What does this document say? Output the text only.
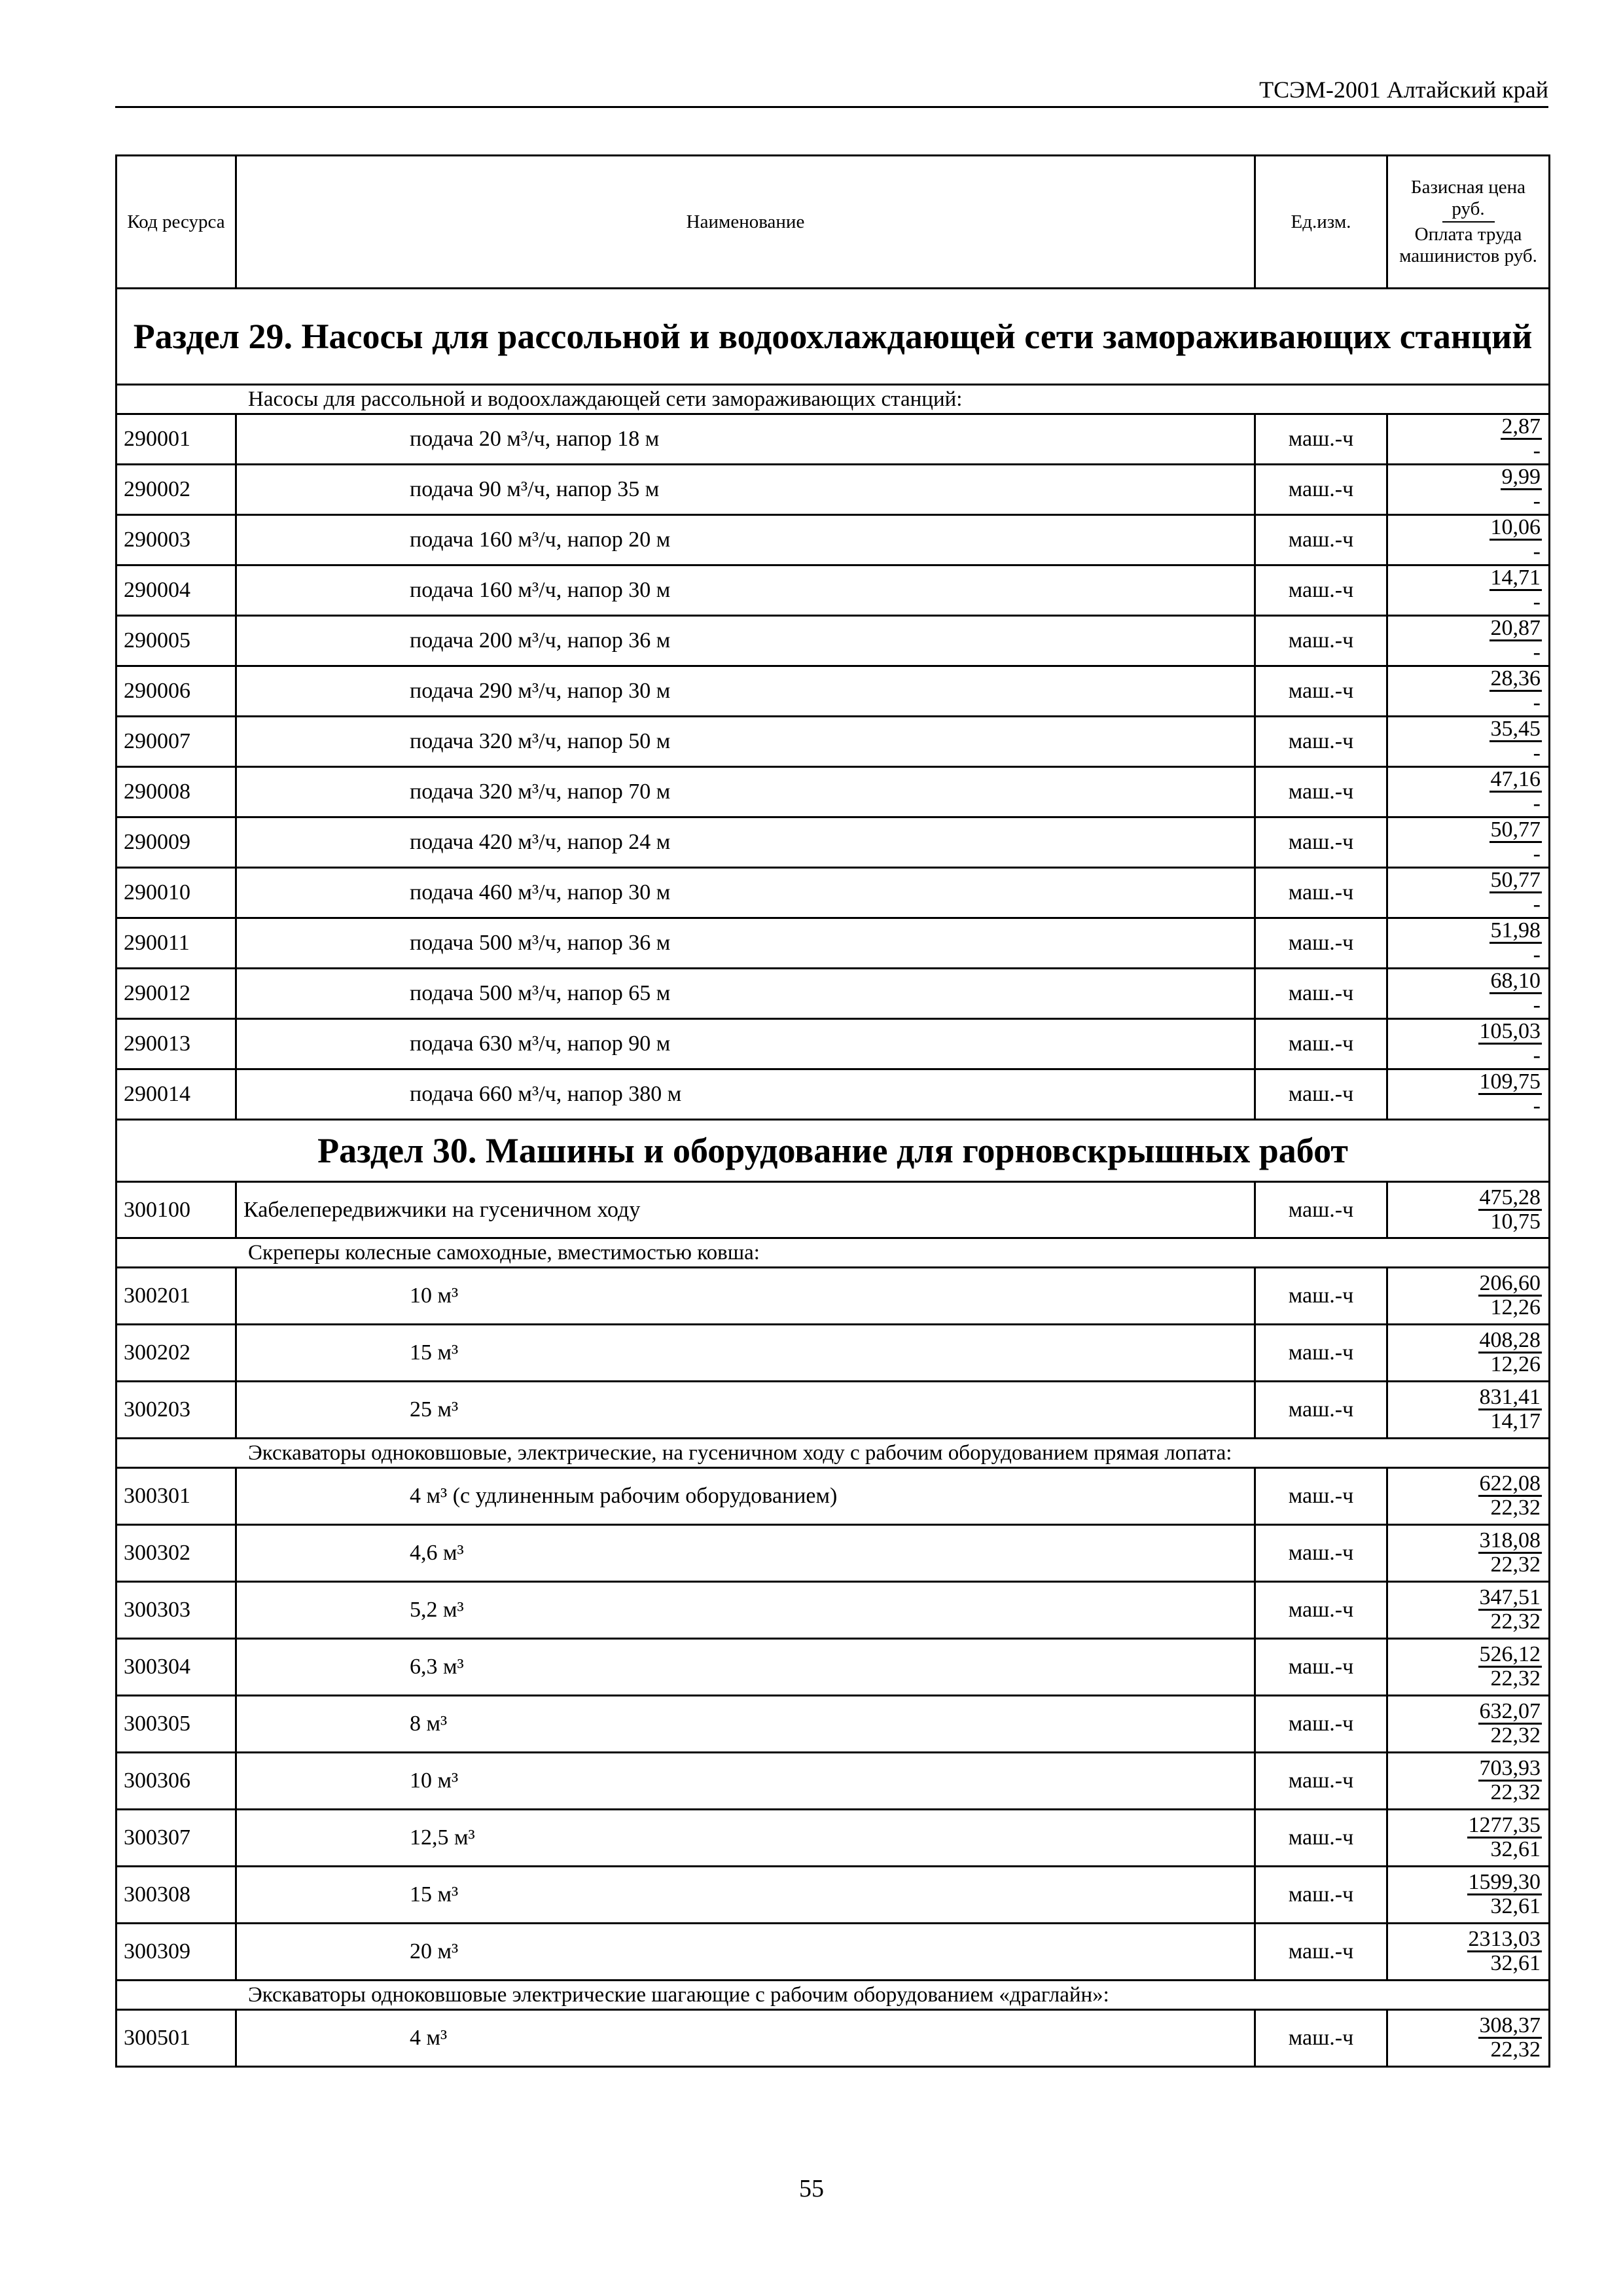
ТСЭМ-2001 Алтайский край
Код ресурса	Наименование	Ед.изм.	Базисная цена руб.
Оплата труда машинистов руб.
Раздел 29. Насосы для рассольной и водоохлаждающей сети замораживающих станций			
Насосы для рассольной и водоохлаждающей сети замораживающих станций:			
290001	подача 20 м³/ч, напор 18 м	маш.-ч	2,87
-

290002	подача 90 м³/ч, напор 35 м	маш.-ч	9,99
-

290003	подача 160 м³/ч, напор 20 м	маш.-ч	10,06
-

290004	подача 160 м³/ч, напор 30 м	маш.-ч	14,71
-

290005	подача 200 м³/ч, напор 36 м	маш.-ч	20,87
-

290006	подача 290 м³/ч, напор 30 м	маш.-ч	28,36
-

290007	подача 320 м³/ч, напор 50 м	маш.-ч	35,45
-

290008	подача 320 м³/ч, напор 70 м	маш.-ч	47,16
-

290009	подача 420 м³/ч, напор 24 м	маш.-ч	50,77
-

290010	подача 460 м³/ч, напор 30 м	маш.-ч	50,77
-

290011	подача 500 м³/ч, напор 36 м	маш.-ч	51,98
-

290012	подача 500 м³/ч, напор 65 м	маш.-ч	68,10
-

290013	подача 630 м³/ч, напор 90 м	маш.-ч	105,03
-

290014	подача 660 м³/ч, напор 380 м	маш.-ч	109,75
-

Раздел 30. Машины и оборудование для горновскрышных работ			
300100	Кабелепередвижчики на гусеничном ходу	маш.-ч	$\frac{475,28}{10,75}$

Скреперы колесные самоходные, вместимостью ковша:			
300201	10 м³	маш.-ч	$\frac{206,60}{12,26}$

300202	15 м³	маш.-ч	$\frac{408,28}{12,26}$

300203	25 м³	маш.-ч	$\frac{831,41}{14,17}$

Экскаваторы одноковшовые, электрические, на гусеничном ходу с рабочим оборудованием прямая лопата:			
300301	4 м³ (с удлиненным рабочим оборудованием)	маш.-ч	$\frac{622,08}{22,32}$

300302	4,6 м³	маш.-ч	$\frac{318,08}{22,32}$

300303	5,2 м³	маш.-ч	$\frac{347,51}{22,32}$

300304	6,3 м³	маш.-ч	$\frac{526,12}{22,32}$

300305	8 м³	маш.-ч	$\frac{632,07}{22,32}$

300306	10 м³	маш.-ч	$\frac{703,93}{22,32}$

300307	12,5 м³	маш.-ч	$\frac{1277,35}{32,61}$

300308	15 м³	маш.-ч	$\frac{1599,30}{32,61}$

300309	20 м³	маш.-ч	$\frac{2313,03}{32,61}$

Экскаваторы одноковшовые электрические шагающие с рабочим оборудованием «драглайн»:			
300501	4 м³	маш.-ч	$\frac{308,37}{22,32}$
55
